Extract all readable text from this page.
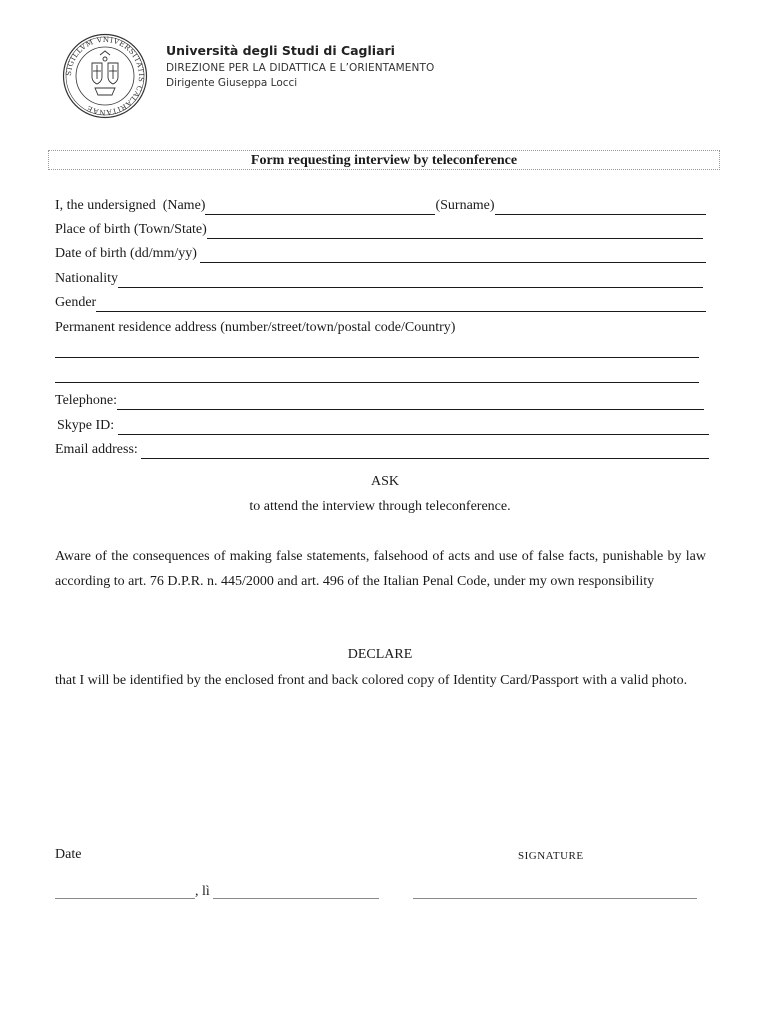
SIGILLVM VNIVERSITATIS CALARITANAE
Università degli Studi di Cagliari
DIREZIONE PER LA DIDATTICA E L’ORIENTAMENTO
Dirigente Giuseppa Locci
Form requesting interview by teleconference
I, the undersigned  (Name)	(Surname)
Place of birth (Town/State)
Date of birth (dd/mm/yy)
Nationality
Gender
Permanent residence address (number/street/town/postal code/Country)
Telephone:
Skype ID:
Email address:
ASK
to attend the interview through teleconference.
Aware of the consequences of making false statements, falsehood of acts and use of false facts, punishable by law according to art. 76 D.P.R. n. 445/2000 and art. 496 of the Italian Penal Code, under my own responsibility
DECLARE
that I will be identified by the enclosed front and back colored copy of Identity Card/Passport with a valid photo.
Date	SIGNATURE
, lì
